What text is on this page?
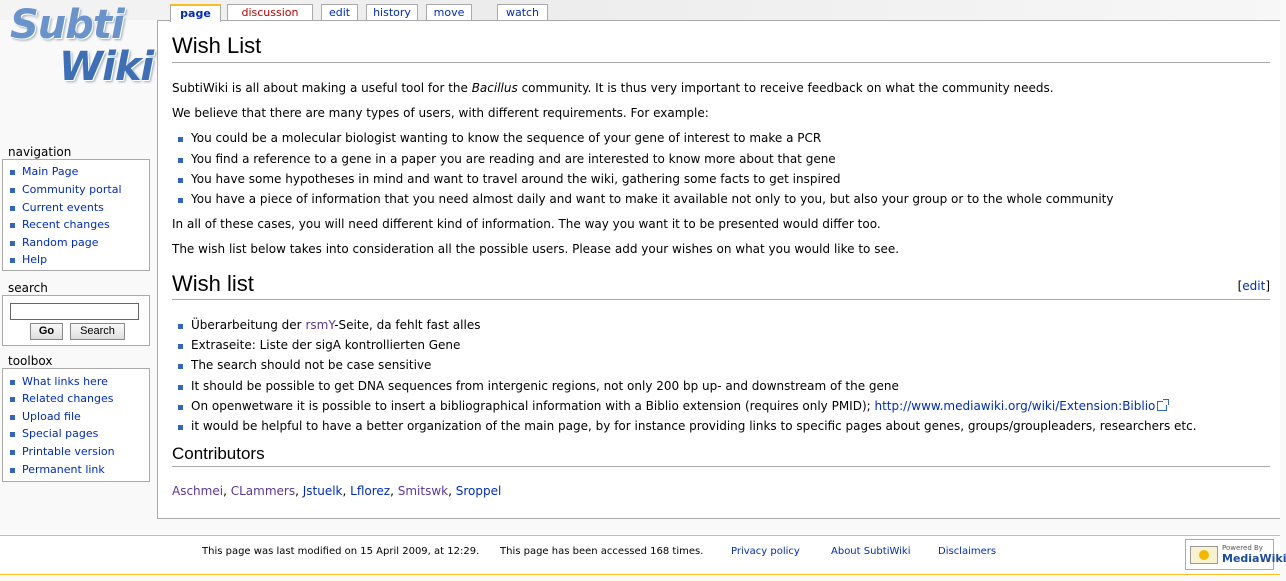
Subti
Wiki
page	discussion	edit	history	move	watch
Wish List
SubtiWiki is all about making a useful tool for the Bacillus community. It is thus very important to receive feedback on what the community needs.
We believe that there are many types of users, with different requirements. For example:
You could be a molecular biologist wanting to know the sequence of your gene of interest to make a PCR
You find a reference to a gene in a paper you are reading and are interested to know more about that gene
You have some hypotheses in mind and want to travel around the wiki, gathering some facts to get inspired
You have a piece of information that you need almost daily and want to make it available not only to you, but also your group or to the whole community
In all of these cases, you will need different kind of information. The way you want it to be presented would differ too.
The wish list below takes into consideration all the possible users. Please add your wishes on what you would like to see.
Wish list	[edit]
Überarbeitung der rsmY-Seite, da fehlt fast alles
Extraseite: Liste der sigA kontrollierten Gene
The search should not be case sensitive
It should be possible to get DNA sequences from intergenic regions, not only 200 bp up- and downstream of the gene
On openwetware it is possible to insert a bibliographical information with a Biblio extension (requires only PMID); http://www.mediawiki.org/wiki/Extension:Biblio
it would be helpful to have a better organization of the main page, by for instance providing links to specific pages about genes, groups/groupleaders, researchers etc.
Contributors
Aschmei, CLammers, Jstuelk, Lflorez, Smitswk, Sroppel
navigation
Main Page
Community portal
Current events
Recent changes
Random page
Help
search
Go	Search
toolbox
What links here
Related changes
Upload file
Special pages
Printable version
Permanent link
This page was last modified on 15 April 2009, at 12:29. This page has been accessed 168 times.	Privacy policy	About SubtiWiki	Disclaimers	Powered By
MediaWiki
